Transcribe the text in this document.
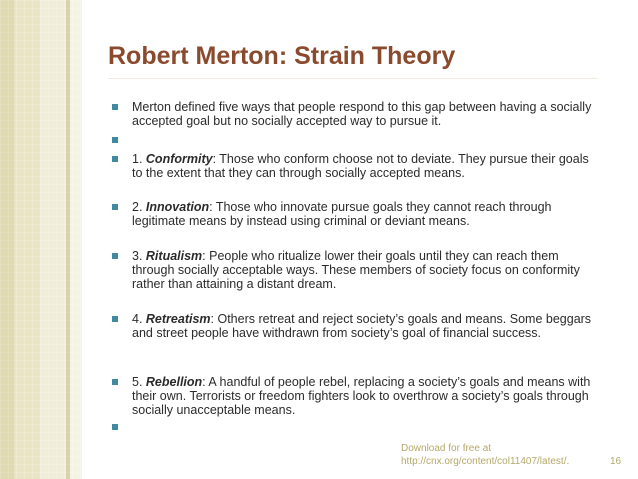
Robert Merton: Strain Theory
Merton defined five ways that people respond to this gap between having a socially accepted goal but no socially accepted way to pursue it.
1. Conformity: Those who conform choose not to deviate. They pursue their goals to the extent that they can through socially accepted means.
2. Innovation: Those who innovate pursue goals they cannot reach through legitimate means by instead using criminal or deviant means.
3. Ritualism: People who ritualize lower their goals until they can reach them through socially acceptable ways. These members of society focus on conformity rather than attaining a distant dream.
4. Retreatism: Others retreat and reject society’s goals and means. Some beggars and street people have withdrawn from society’s goal of financial success.
5. Rebellion: A handful of people rebel, replacing a society’s goals and means with their own. Terrorists or freedom fighters look to overthrow a society’s goals through socially unacceptable means.
Download for free at
http://cnx.org/content/col11407/latest/.	16
